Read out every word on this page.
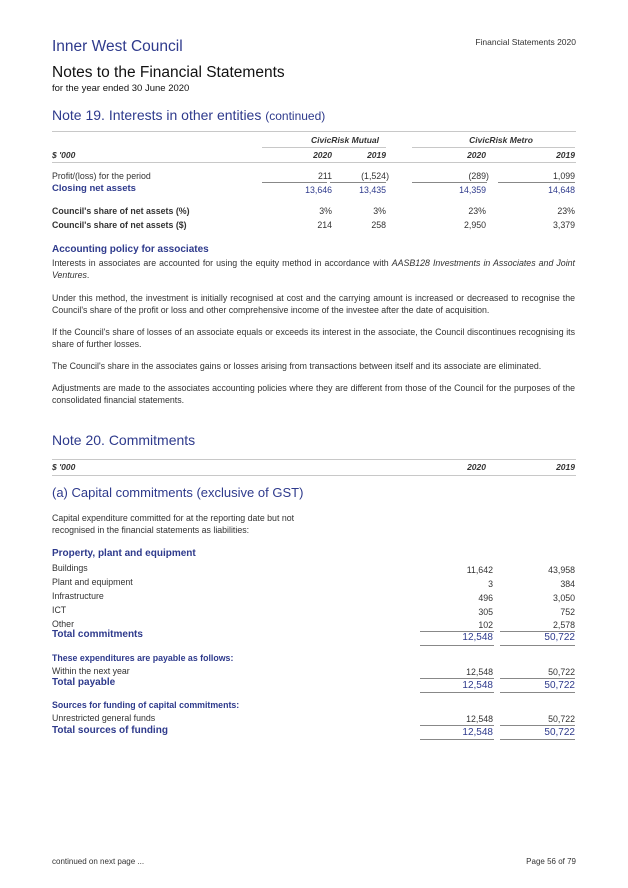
Inner West Council	Financial Statements 2020
Notes to the Financial Statements
for the year ended 30 June 2020
Note 19. Interests in other entities (continued)
CivicRisk Mutual	CivicRisk Metro
$ '000	2020	2019	2020	2019
Profit/(loss) for the period	211	(1,524)	(289)	1,099
Closing net assets	13,646	13,435	14,359	14,648
Council's share of net assets (%)	3%	3%	23%	23%
Council's share of net assets ($)	214	258	2,950	3,379
Accounting policy for associates
Interests in associates are accounted for using the equity method in accordance with AASB128 Investments in Associates and Joint Ventures.
Under this method, the investment is initially recognised at cost and the carrying amount is increased or decreased to recognise the Council's share of the profit or loss and other comprehensive income of the investee after the date of acquisition.
If the Council's share of losses of an associate equals or exceeds its interest in the associate, the Council discontinues recognising its share of further losses.
The Council's share in the associates gains or losses arising from transactions between itself and its associate are eliminated.
Adjustments are made to the associates accounting policies where they are different from those of the Council for the purposes of the consolidated financial statements.
Note 20. Commitments
$ '000	2020	2019
(a) Capital commitments (exclusive of GST)
Capital expenditure committed for at the reporting date but not recognised in the financial statements as liabilities:
Property, plant and equipment
Buildings	11,642	43,958
Plant and equipment	3	384
Infrastructure	496	3,050
ICT	305	752
Other	102	2,578
Total commitments	12,548	50,722
These expenditures are payable as follows:
Within the next year	12,548	50,722
Total payable	12,548	50,722
Sources for funding of capital commitments:
Unrestricted general funds	12,548	50,722
Total sources of funding	12,548	50,722
continued on next page ...	Page 56 of 79
